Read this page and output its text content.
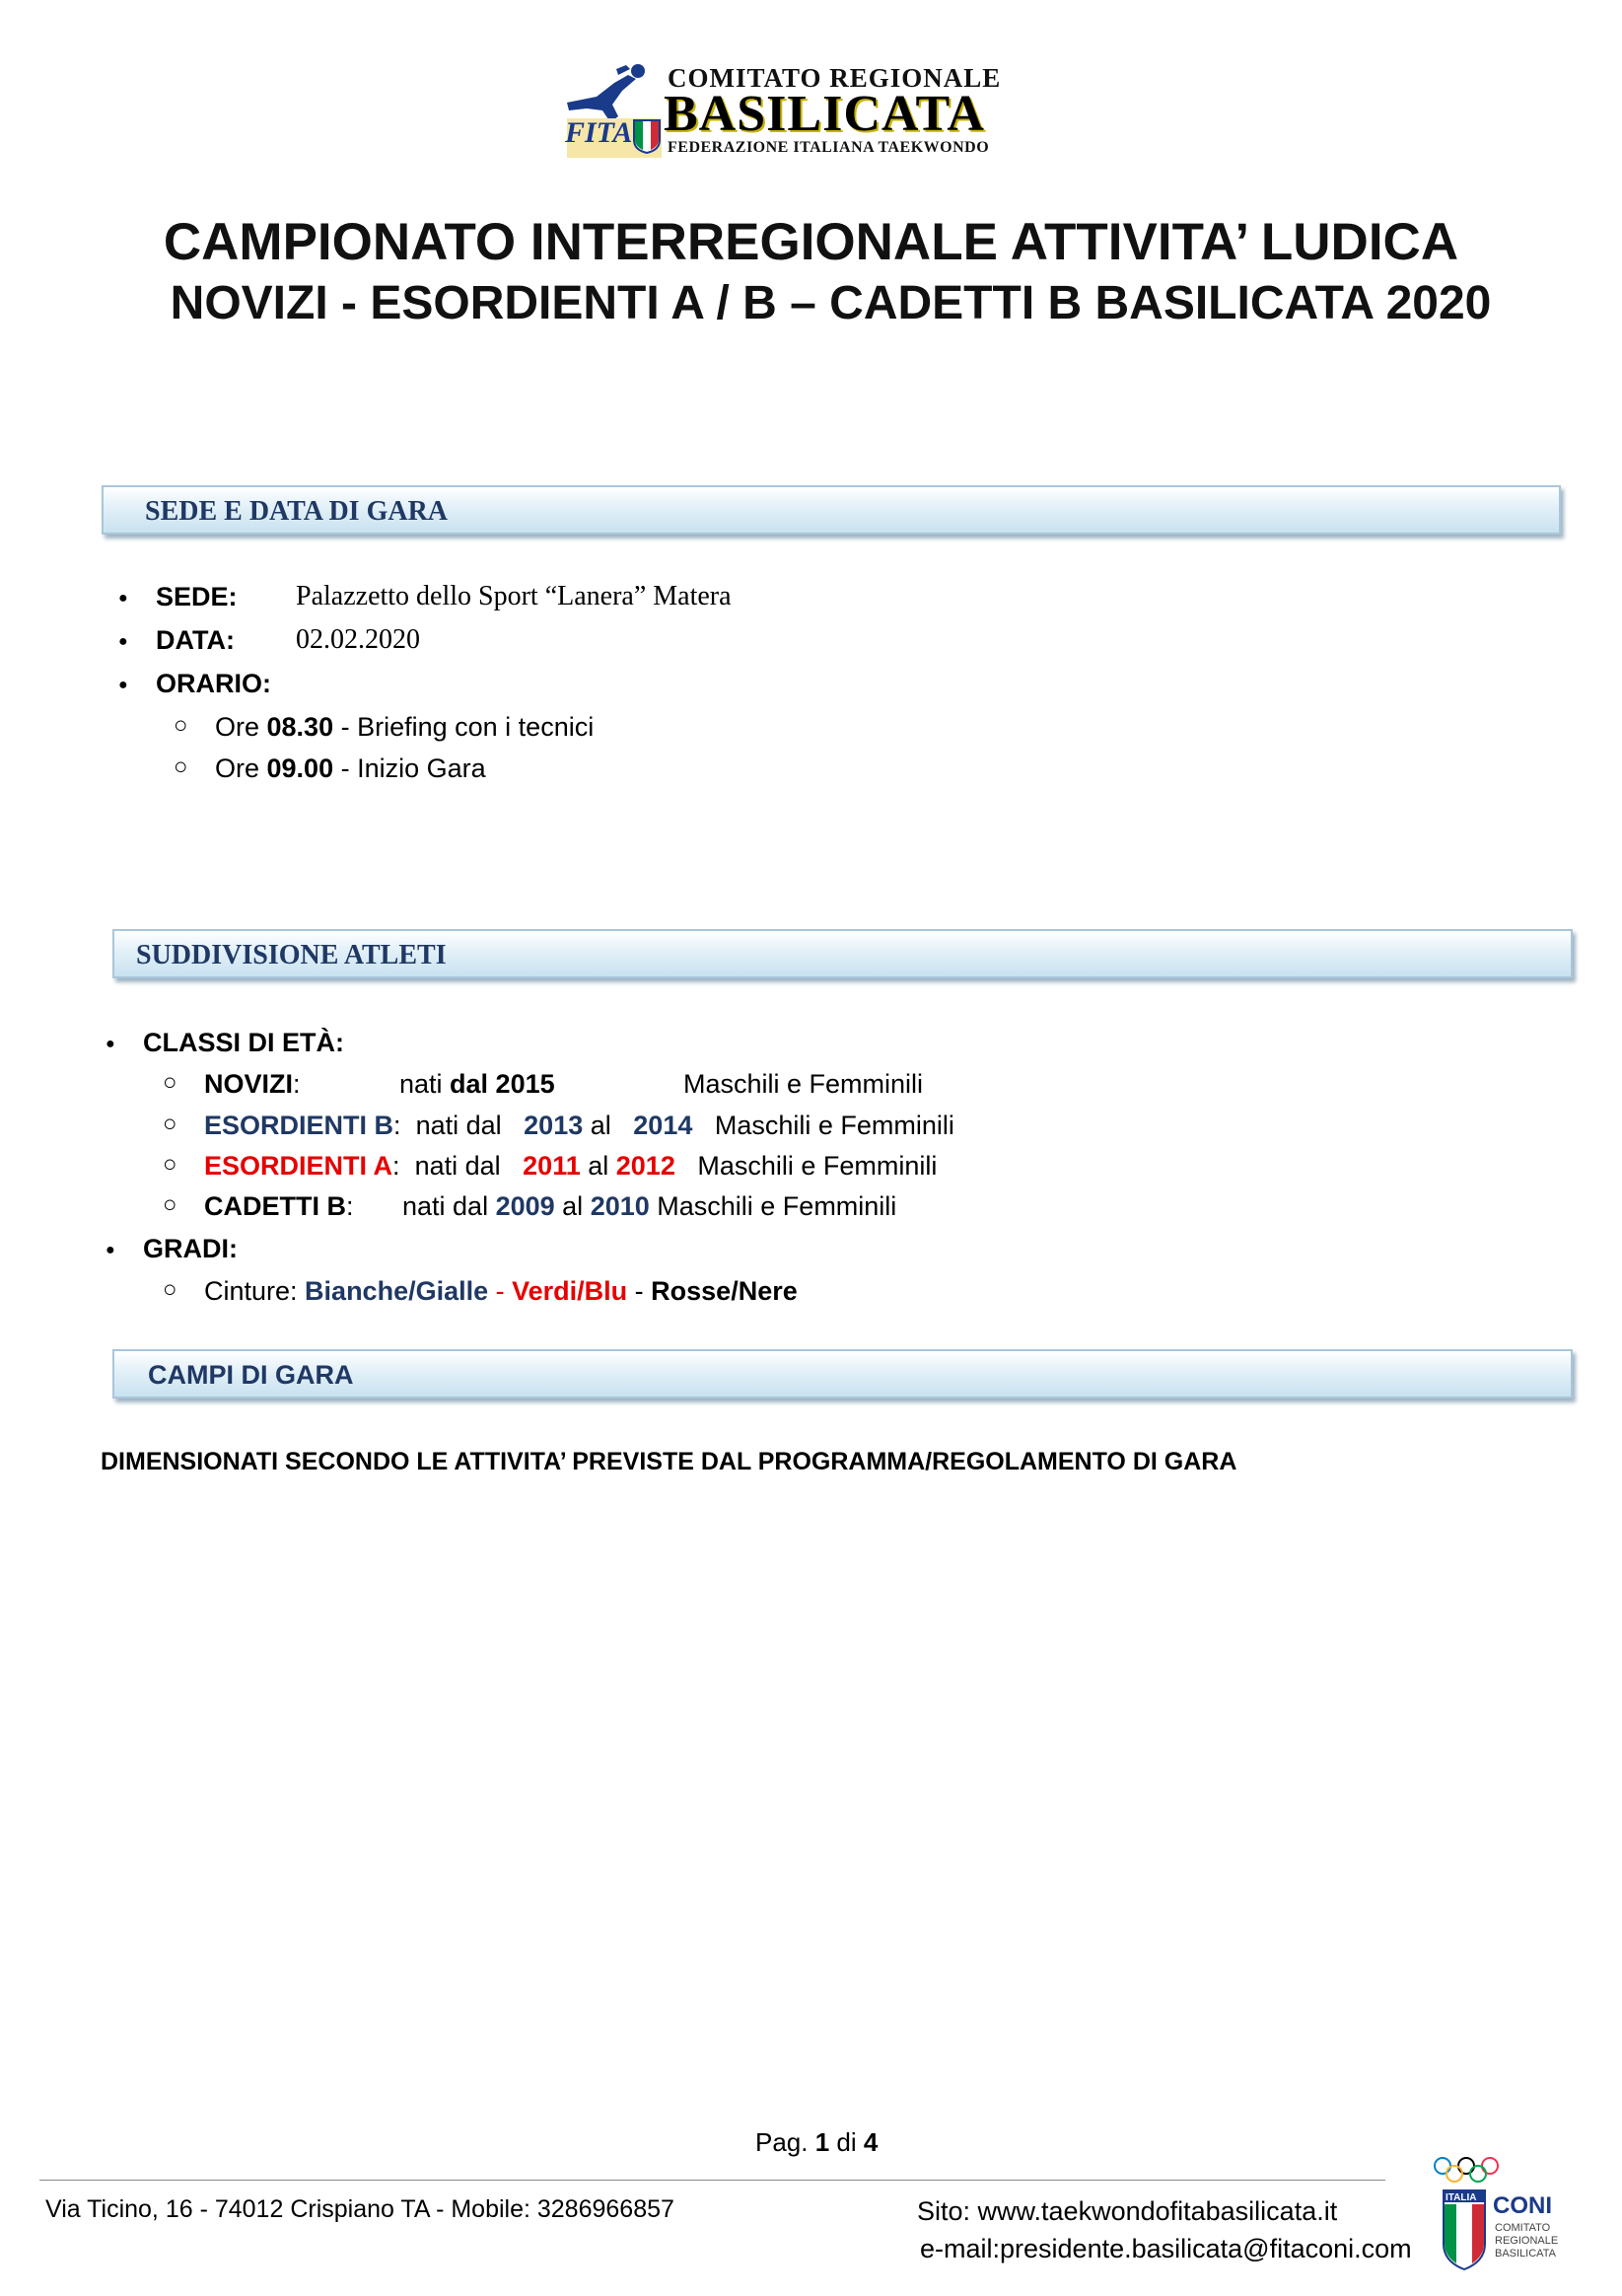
FITA
COMITATO REGIONALE
BASILICATA
FEDERAZIONE ITALIANA TAEKWONDO
CAMPIONATO INTERREGIONALE ATTIVITA’ LUDICA
NOVIZI - ESORDIENTI A / B – CADETTI B BASILICATA 2020
SEDE E DATA DI GARA
● SEDE: Palazzetto dello Sport “Lanera” Matera
● DATA: 02.02.2020
● ORARIO:
○ Ore 08.30 - Briefing con i tecnici
○ Ore 09.00 - Inizio Gara
SUDDIVISIONE ATLETI
● CLASSI DI ETÀ:
○ NOVIZI:	nati dal 2015	Maschili e Femminili
○ ESORDIENTI B: nati dal   2013 al   2014 Maschili e Femminili
○ ESORDIENTI A: nati dal   2011 al 2012 Maschili e Femminili
○ CADETTI B: nati dal 2009 al 2010 Maschili e Femminili
● GRADI:
○ Cinture: Bianche/Gialle - Verdi/Blu - Rosse/Nere
CAMPI DI GARA
DIMENSIONATI SECONDO LE ATTIVITA’ PREVISTE DAL PROGRAMMA/REGOLAMENTO DI GARA
Pag. 1 di 4
Via Ticino, 16 - 74012 Crispiano TA - Mobile: 3286966857	Sito: www.taekwondofitabasilicata.it
e-mail:presidente.basilicata@fitaconi.com
ITALIA CONI
COMITATO
REGIONALE
BASILICATA
